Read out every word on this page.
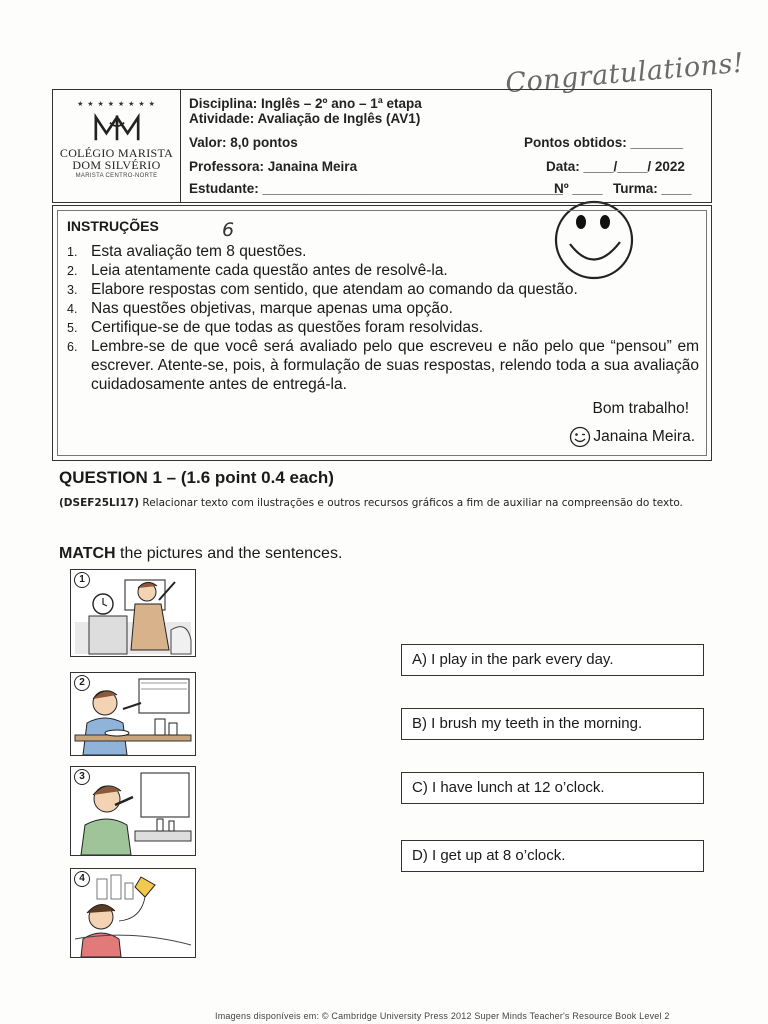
Congratulations!
★ ★ ★ ★ ★ ★ ★ ★
COLÉGIO MARISTA
DOM SILVÉRIO
MARISTA CENTRO-NORTE
Disciplina: Inglês – 2º ano – 1ª etapa
Atividade: Avaliação de Inglês (AV1)
Valor: 8,0 pontos	Pontos obtidos: _______
Professora: Janaina Meira	Data: ____/____/ 2022
Estudante: ________________________________________
Nº ____ Turma: ____
INSTRUÇÕES
1. Esta avaliação tem 8 questões.
2. Leia atentamente cada questão antes de resolvê-la.
3. Elabore respostas com sentido, que atendam ao comando da questão.
4. Nas questões objetivas, marque apenas uma opção.
5. Certifique-se de que todas as questões foram resolvidas.
6. Lembre-se de que você será avaliado pelo que escreveu e não pelo que “pensou” em escrever. Atente-se, pois, à formulação de suas respostas, relendo toda a sua avaliação cuidadosamente antes de entregá-la.
Bom trabalho!
Janaina Meira.
6
QUESTION 1 – (1.6 point 0.4 each)
(DSEF25LI17) Relacionar texto com ilustrações e outros recursos gráficos a fim de auxiliar na compreensão do texto.
MATCH the pictures and the sentences.
1
2
3
4
A) I play in the park every day.
B) I brush my teeth in the morning.
C) I have lunch at 12 o’clock.
D) I get up at 8 o’clock.
Imagens disponíveis em: © Cambridge University Press 2012 Super Minds Teacher's Resource Book Level 2
